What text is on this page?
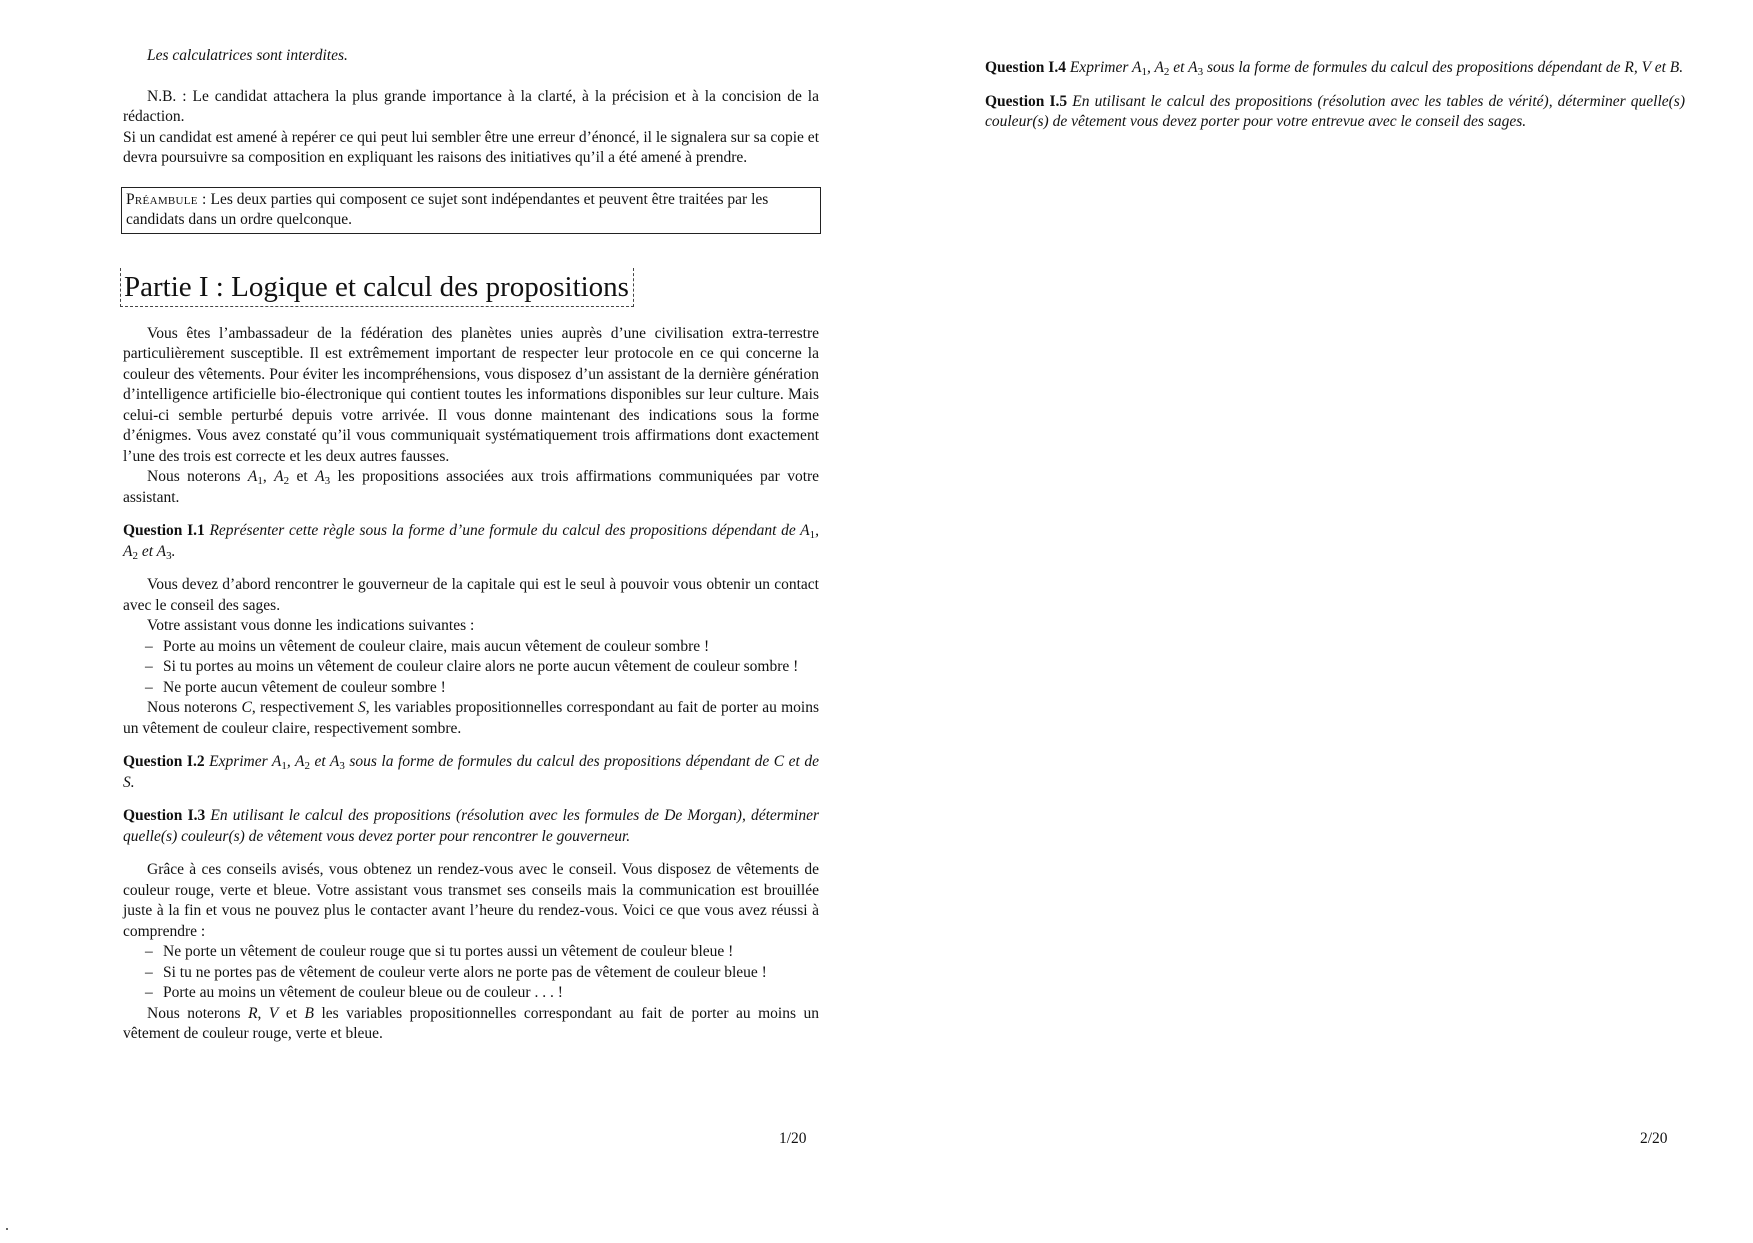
Les calculatrices sont interdites.

N.B. : Le candidat attachera la plus grande importance à la clarté, à la précision et à la concision de la rédaction.

Si un candidat est amené à repérer ce qui peut lui sembler être une erreur d’énoncé, il le signalera sur sa copie et devra poursuivre sa composition en expliquant les raisons des initiatives qu’il a été amené à prendre.

Préambule : Les deux parties qui composent ce sujet sont indépendantes et peuvent être traitées par les candidats dans un ordre quelconque.
Partie I : Logique et calcul des propositions

Vous êtes l’ambassadeur de la fédération des planètes unies auprès d’une civilisation extra-terrestre particulièrement susceptible. Il est extrêmement important de respecter leur protocole en ce qui concerne la couleur des vêtements. Pour éviter les incompréhensions, vous disposez d’un assistant de la dernière génération d’intelligence artificielle bio-électronique qui contient toutes les informations disponibles sur leur culture. Mais celui-ci semble perturbé depuis votre arrivée. Il vous donne maintenant des indications sous la forme d’énigmes. Vous avez constaté qu’il vous communiquait systématiquement trois affirmations dont exactement l’une des trois est correcte et les deux autres fausses.

Nous noterons $A_1$, $A_2$ et $A_3$ les propositions associées aux trois affirmations communiquées par votre assistant.

Question I.1 Représenter cette règle sous la forme d’une formule du calcul des propositions dépendant de $A_1$, $A_2$ et $A_3$.

Vous devez d’abord rencontrer le gouverneur de la capitale qui est le seul à pouvoir vous obtenir un contact avec le conseil des sages.

Votre assistant vous donne les indications suivantes :

– Porte au moins un vêtement de couleur claire, mais aucun vêtement de couleur sombre !
– Si tu portes au moins un vêtement de couleur claire alors ne porte aucun vêtement de couleur sombre !
– Ne porte aucun vêtement de couleur sombre !

Nous noterons C, respectivement S, les variables propositionnelles correspondant au fait de porter au moins un vêtement de couleur claire, respectivement sombre.

Question I.2 Exprimer $A_1$, $A_2$ et $A_3$ sous la forme de formules du calcul des propositions dépendant de C et de S.

Question I.3 En utilisant le calcul des propositions (résolution avec les formules de De Morgan), déterminer quelle(s) couleur(s) de vêtement vous devez porter pour rencontrer le gouverneur.

Grâce à ces conseils avisés, vous obtenez un rendez-vous avec le conseil. Vous disposez de vêtements de couleur rouge, verte et bleue. Votre assistant vous transmet ses conseils mais la communication est brouillée juste à la fin et vous ne pouvez plus le contacter avant l’heure du rendez-vous. Voici ce que vous avez réussi à comprendre :

– Ne porte un vêtement de couleur rouge que si tu portes aussi un vêtement de couleur bleue !
– Si tu ne portes pas de vêtement de couleur verte alors ne porte pas de vêtement de couleur bleue !
– Porte au moins un vêtement de couleur bleue ou de couleur . . . !

Nous noterons R, V et B les variables propositionnelles correspondant au fait de porter au moins un vêtement de couleur rouge, verte et bleue.

1/20

Question I.4 Exprimer $A_1$, $A_2$ et $A_3$ sous la forme de formules du calcul des propositions dépendant de R, V et B.

Question I.5 En utilisant le calcul des propositions (résolution avec les tables de vérité), déterminer quelle(s) couleur(s) de vêtement vous devez porter pour votre entrevue avec le conseil des sages.

2/20
